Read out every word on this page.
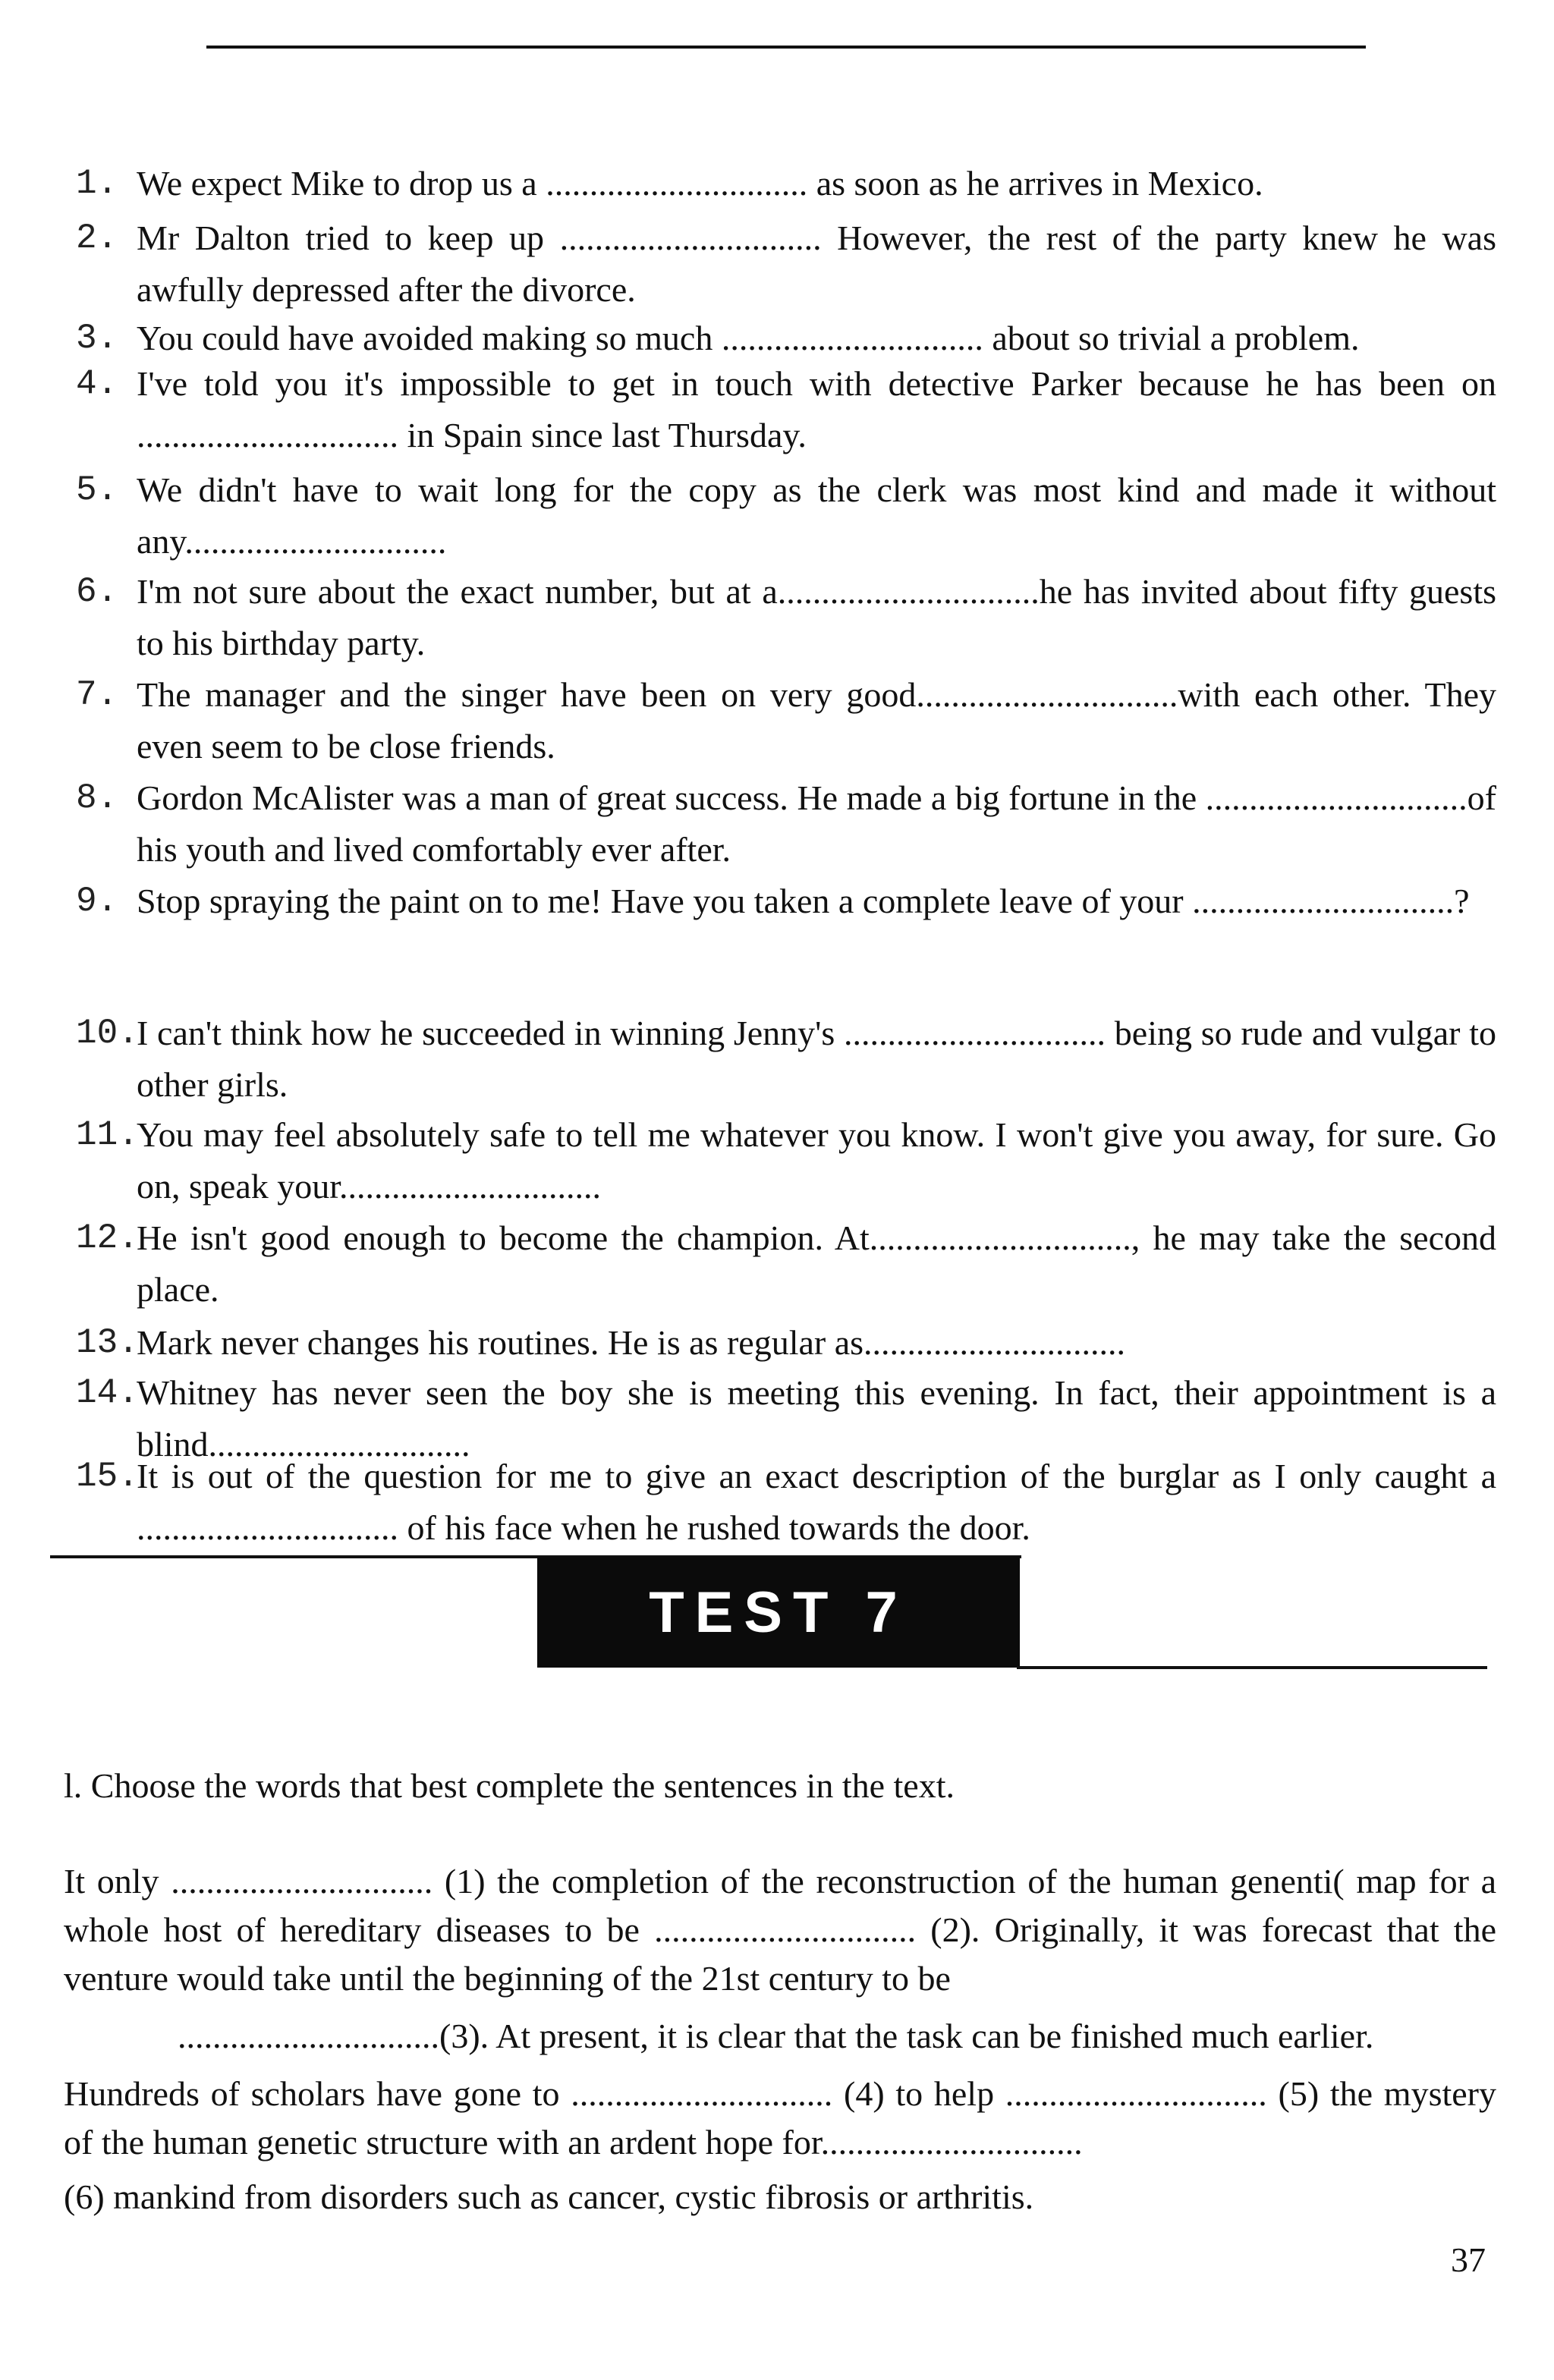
1. We expect Mike to drop us a .............................. as soon as he arrives in Mexico.
2. Mr Dalton tried to keep up .............................. However, the rest of the party knew he was awfully depressed after the divorce.
3. You could have avoided making so much .............................. about so trivial a problem.
4. I've told you it's impossible to get in touch with detective Parker because he has been on .............................. in Spain since last Thursday.
5. We didn't have to wait long for the copy as the clerk was most kind and made it without any..............................
6. I'm not sure about the exact number, but at a..............................he has invited about fifty guests to his birthday party.
7. The manager and the singer have been on very good..............................with each other. They even seem to be close friends.
8. Gordon McAlister was a man of great success. He made a big fortune in the ..............................of his youth and lived comfortably ever after.
9. Stop spraying the paint on to me! Have you taken a complete leave of your ..............................?
10.
I can't think how he succeeded in winning Jenny's .............................. being so rude and vulgar to other girls.
11.
You may feel absolutely safe to tell me whatever you know. I won't give you away, for sure. Go on, speak your..............................
12.
He isn't good enough to become the champion. At.............................., he may take the second place.
13.
Mark never changes his routines. He is as regular as..............................
14.
Whitney has never seen the boy she is meeting this evening. In fact, their appointment is a blind..............................
15.
It is out of the question for me to give an exact description of the burglar as I only caught a .............................. of his face when he rushed towards the door.
TEST 7
l. Choose the words that best complete the sentences in the text.
It only .............................. (1) the completion of the reconstruction of the human genenti( map for a whole host of hereditary diseases to be .............................. (2). Originally, it was forecast that the venture would take until the beginning of the 21st century to be
..............................(3). At present, it is clear that the task can be finished much earlier.
Hundreds of scholars have gone to .............................. (4) to help .............................. (5) the mystery of the human genetic structure with an ardent hope for..............................
(6) mankind from disorders such as cancer, cystic fibrosis or arthritis.
37
